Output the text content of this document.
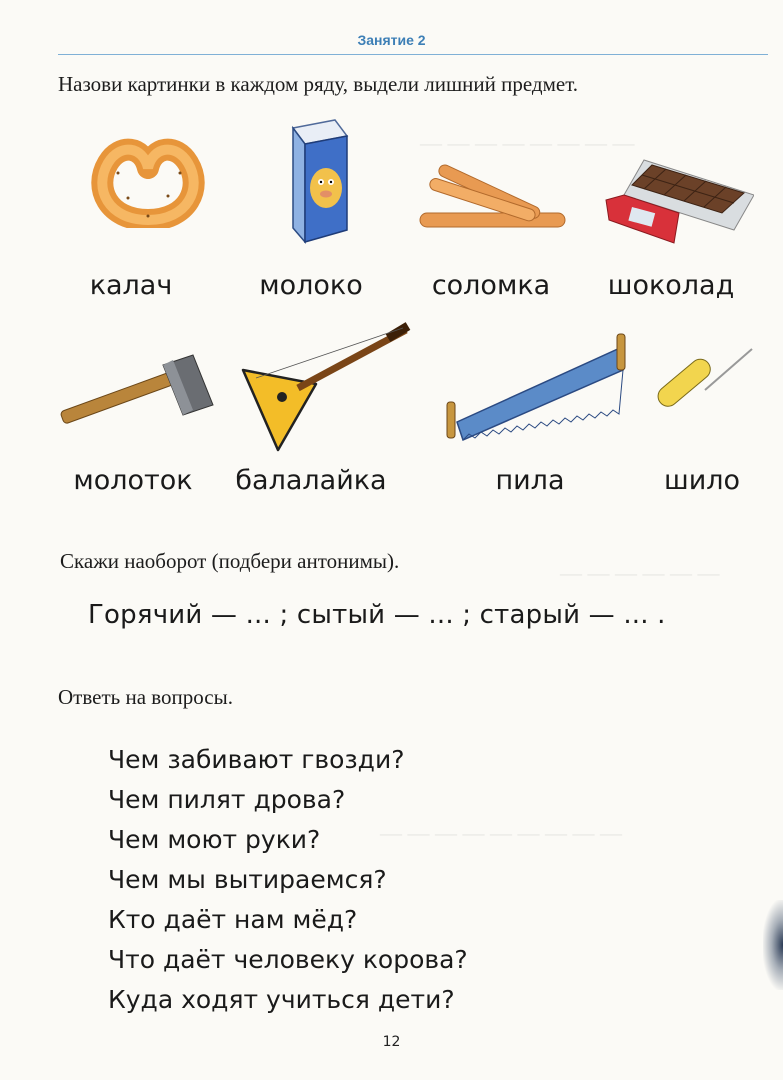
— — — — — — — —
— — — — — —
— — — — — — — — —
Занятие 2
Назови картинки в каждом ряду, выдели лишний предмет.
калач	молоко	соломка	шоколад
молоток	балалайка	пила	шило
Скажи наоборот (подбери антонимы).
Горячий — ... ; сытый — ... ; старый — ... .
Ответь на вопросы.
Чем забивают гвозди?
Чем пилят дрова?
Чем моют руки?
Чем мы вытираемся?
Кто даёт нам мёд?
Что даёт человеку корова?
Куда ходят учиться дети?
12
